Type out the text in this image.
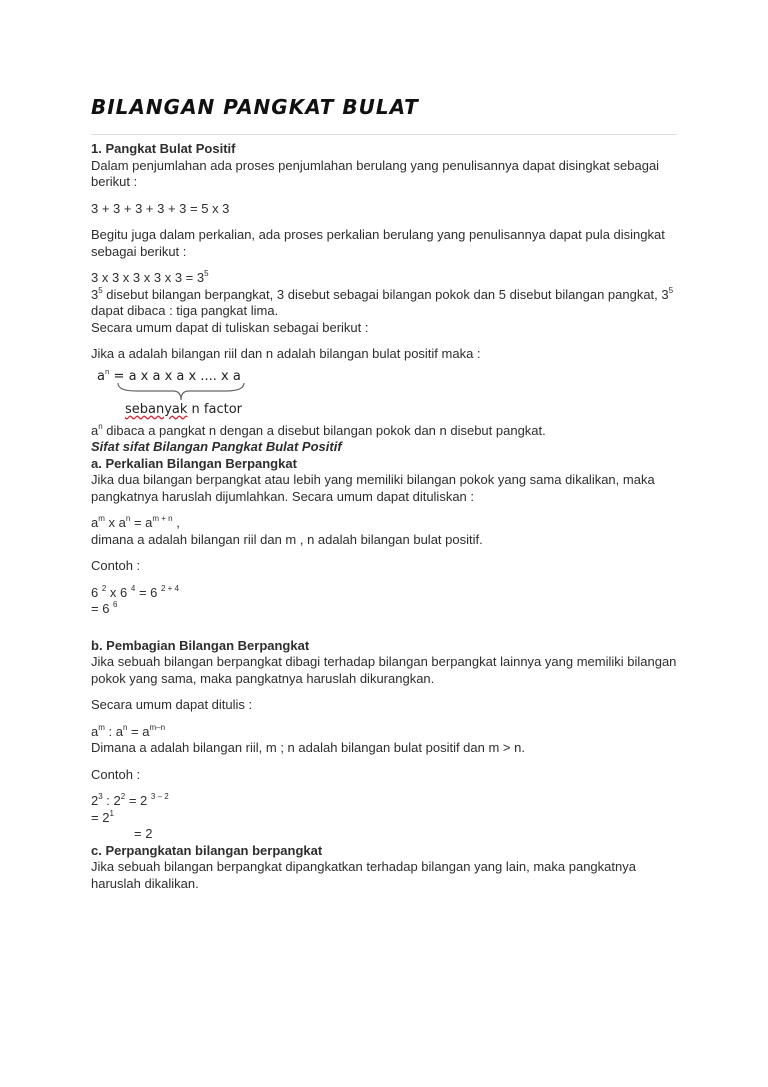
BILANGAN PANGKAT BULAT

1. Pangkat Bulat Positif

Dalam penjumlahan ada proses penjumlahan berulang yang penulisannya dapat disingkat sebagai berikut :

3 + 3 + 3 + 3 + 3 = 5 x 3

Begitu juga dalam perkalian, ada proses perkalian berulang yang penulisannya dapat pula disingkat sebagai berikut :

3 x 3 x 3 x 3 x $3 = 3^5$

$3^5$ disebut bilangan berpangkat, 3 disebut sebagai bilangan pokok dan 5 disebut bilangan pangkat, $3^5$ dapat dibaca : tiga pangkat lima.

Secara umum dapat di tuliskan sebagai berikut :

Jika a adalah bilangan riil dan n adalah bilangan bulat positif maka :

$a^n = a$ x a x a x .... x a
sebanyak n factor

$a^n$ dibaca a pangkat n dengan a disebut bilangan pokok dan n disebut pangkat.

Sifat sifat Bilangan Pangkat Bulat Positif

a. Perkalian Bilangan Berpangkat

Jika dua bilangan berpangkat atau lebih yang memiliki bilangan pokok yang sama dikalikan, maka pangkatnya haruslah dijumlahkan. Secara umum dapat dituliskan :

$a^m$ x $a^n = a^{m + n}$ ,

dimana a adalah bilangan riil dan m , n adalah bilangan bulat positif.

Contoh :

6 $^2$ x 6 $^4$ = 6 $^{2 + 4}$

= 6 $^6$

b. Pembagian Bilangan Berpangkat

Jika sebuah bilangan berpangkat dibagi terhadap bilangan berpangkat lainnya yang memiliki bilangan pokok yang sama, maka pangkatnya haruslah dikurangkan.

Secara umum dapat ditulis :

$a^m$ : $a^n = a^{m-n}$

Dimana a adalah bilangan riil, m ; n adalah bilangan bulat positif dan m > n.

Contoh :

$2^3$ : $2^2 = 2$ $^{3 - 2}$

= $2^1$

= 2

c. Perpangkatan bilangan berpangkat

Jika sebuah bilangan berpangkat dipangkatkan terhadap bilangan yang lain, maka pangkatnya haruslah dikalikan.
